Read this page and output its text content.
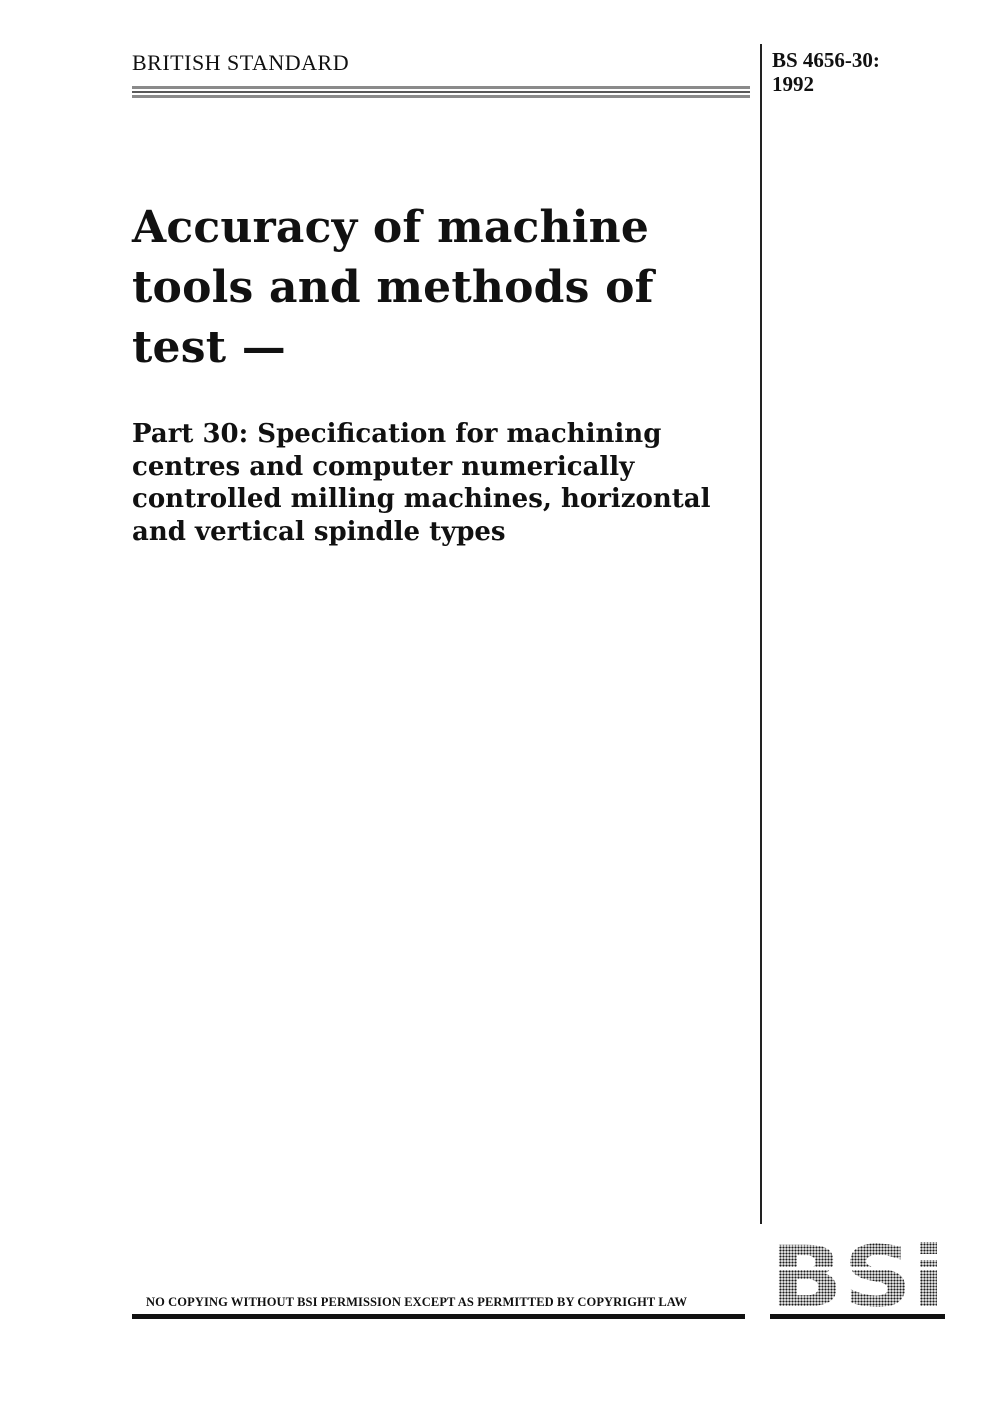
BRITISH STANDARD	BS 4656-30:
1992
Accuracy of machine
tools and methods of
test —
Part 30: Specification for machining
centres and computer numerically
controlled milling machines, horizontal
and vertical spindle types
NO COPYING WITHOUT BSI PERMISSION EXCEPT AS PERMITTED BY COPYRIGHT LAW
